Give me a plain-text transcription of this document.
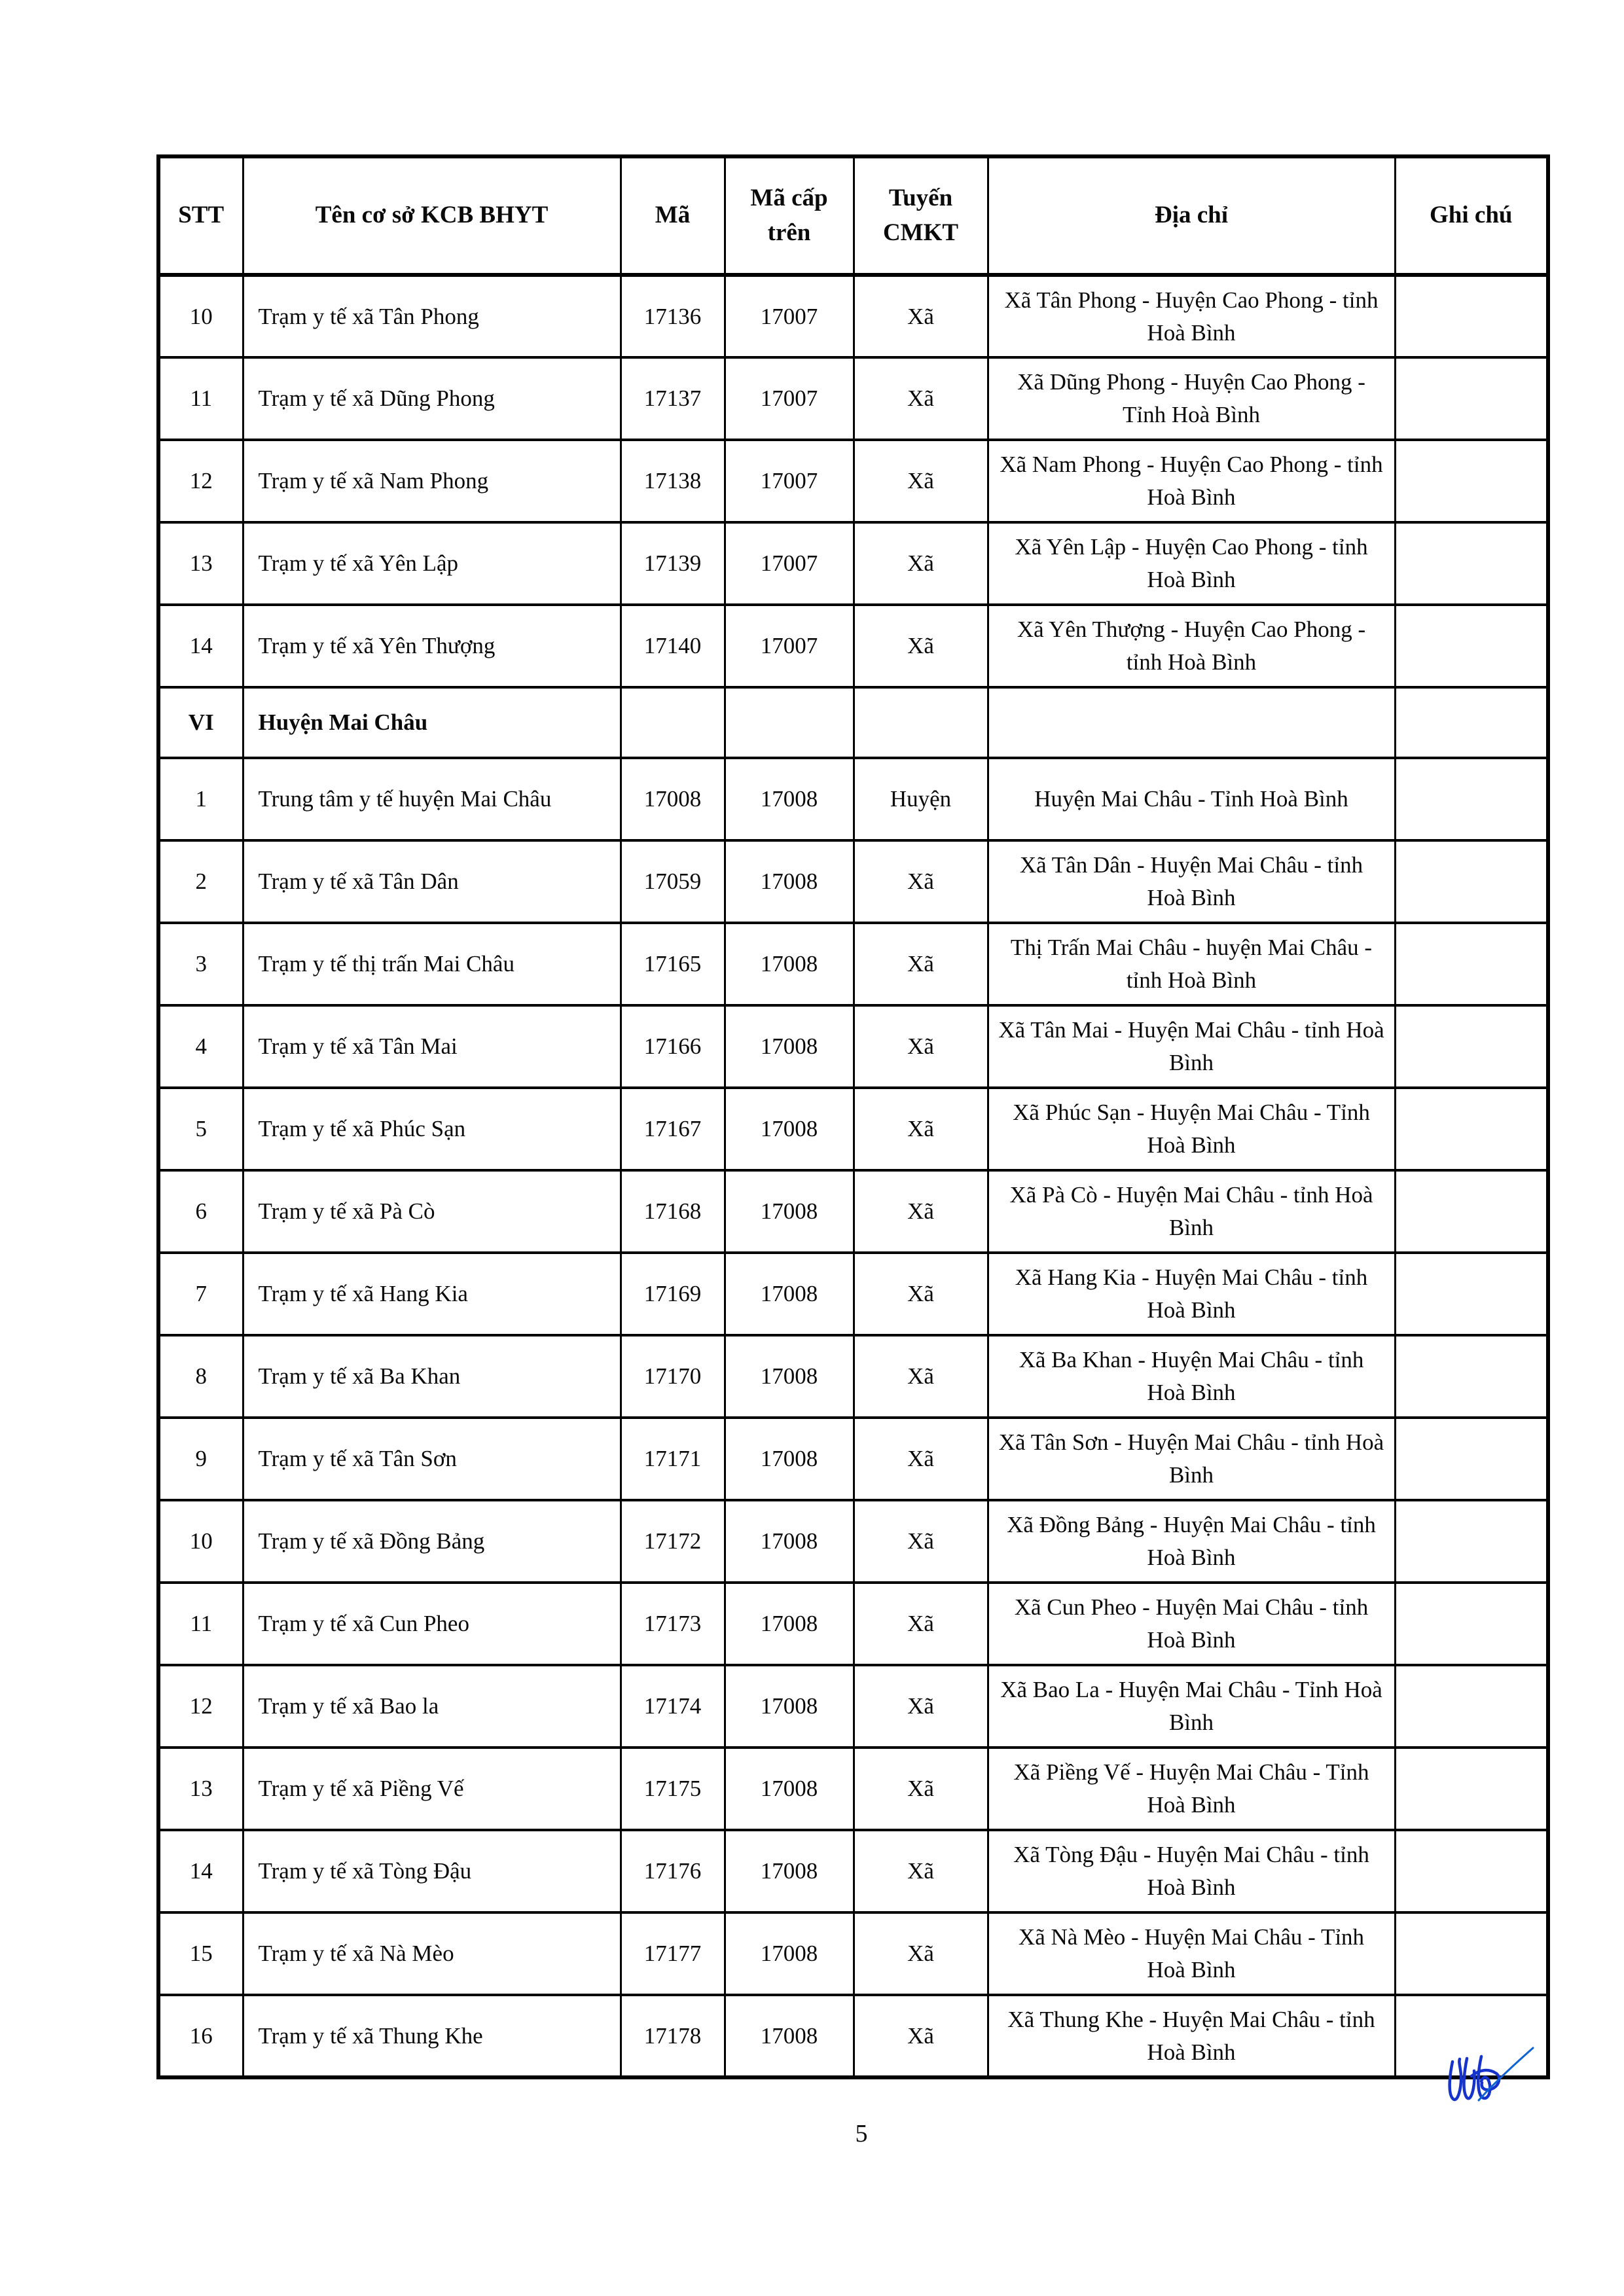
STT	Tên cơ sở KCB BHYT	Mã	Mã cấp trên	Tuyến CMKT	Địa chỉ	Ghi chú
10	Trạm y tế xã Tân Phong	17136	17007	Xã	Xã Tân Phong - Huyện Cao Phong - tỉnh Hoà Bình	
11	Trạm y tế xã Dũng Phong	17137	17007	Xã	Xã Dũng Phong - Huyện Cao Phong - Tỉnh Hoà Bình	
12	Trạm y tế xã Nam Phong	17138	17007	Xã	Xã Nam Phong - Huyện Cao Phong - tỉnh Hoà Bình	
13	Trạm y tế xã Yên Lập	17139	17007	Xã	Xã Yên Lập - Huyện Cao Phong - tỉnh Hoà Bình	
14	Trạm y tế xã Yên Thượng	17140	17007	Xã	Xã Yên Thượng - Huyện Cao Phong - tỉnh Hoà Bình	
VI	Huyện Mai Châu					
1	Trung tâm y tế huyện Mai Châu	17008	17008	Huyện	Huyện Mai Châu - Tỉnh Hoà Bình	
2	Trạm y tế xã Tân Dân	17059	17008	Xã	Xã Tân Dân - Huyện Mai Châu - tỉnh Hoà Bình	
3	Trạm y tế thị trấn Mai Châu	17165	17008	Xã	Thị Trấn Mai Châu - huyện Mai Châu - tỉnh Hoà Bình	
4	Trạm y tế xã Tân Mai	17166	17008	Xã	Xã Tân Mai - Huyện Mai Châu - tỉnh Hoà Bình	
5	Trạm y tế xã Phúc Sạn	17167	17008	Xã	Xã Phúc Sạn - Huyện Mai Châu - Tỉnh Hoà Bình	
6	Trạm y tế xã Pà Cò	17168	17008	Xã	Xã Pà Cò - Huyện Mai Châu - tỉnh Hoà Bình	
7	Trạm y tế xã Hang Kia	17169	17008	Xã	Xã Hang Kia - Huyện Mai Châu - tỉnh Hoà Bình	
8	Trạm y tế xã Ba Khan	17170	17008	Xã	Xã Ba Khan - Huyện Mai Châu - tỉnh Hoà Bình	
9	Trạm y tế xã Tân Sơn	17171	17008	Xã	Xã Tân Sơn - Huyện Mai Châu - tỉnh Hoà Bình	
10	Trạm y tế xã Đồng Bảng	17172	17008	Xã	Xã Đồng Bảng - Huyện Mai Châu - tỉnh Hoà Bình	
11	Trạm y tế xã Cun Pheo	17173	17008	Xã	Xã Cun Pheo - Huyện Mai Châu - tỉnh Hoà Bình	
12	Trạm y tế xã Bao la	17174	17008	Xã	Xã Bao La - Huyện Mai Châu - Tỉnh Hoà Bình	
13	Trạm y tế xã Piềng Vế	17175	17008	Xã	Xã Piềng Vế - Huyện Mai Châu - Tỉnh Hoà Bình	
14	Trạm y tế xã Tòng Đậu	17176	17008	Xã	Xã Tòng Đậu - Huyện Mai Châu - tỉnh Hoà Bình	
15	Trạm y tế xã Nà Mèo	17177	17008	Xã	Xã Nà Mèo - Huyện Mai Châu - Tỉnh Hoà Bình	
16	Trạm y tế xã Thung Khe	17178	17008	Xã	Xã Thung Khe - Huyện Mai Châu - tỉnh Hoà Bình	
5
